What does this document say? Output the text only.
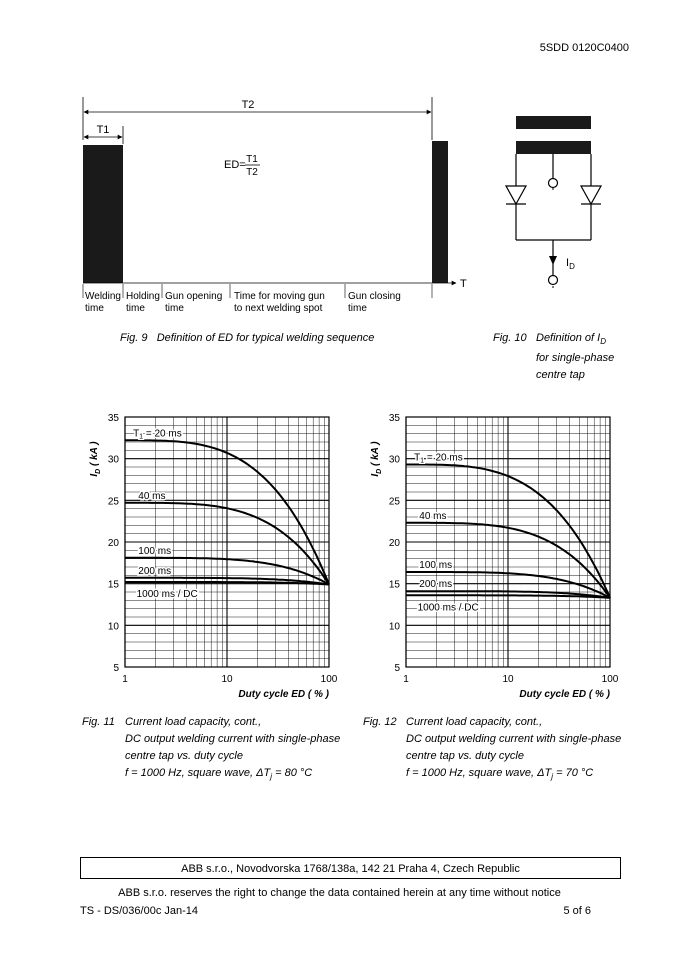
5SDD 0120C0400
T2
T1
T
ED= T1
T2
Welding
time
Holding
time
Gun opening
time
Time for moving gun
to next welding spot
Gun closing
time
$I_D$
Fig. 9 Definition of ED for typical welding sequence	Fig. 10 Definition of $I_D$
for single-phase
centre tap
5
10
15
20
25
30
35
1	10	100
$I_D$ ( kA )
Duty cycle ED ( % )
$T_1 = 20$ ms
40 ms
100 ms
200 ms
1000 ms / DC
5
10
15
20
25
30
35
1	10	100
$I_D$ ( kA )
Duty cycle ED ( % )
$T_1 = 20$ ms
40 ms
100 ms
200 ms
1000 ms / DC
Fig. 11 Current load capacity, cont.,
DC output welding current with single-phase
centre tap vs. duty cycle
f = 1000 Hz, square wave, $\Delta T_j = 80$ °C
Fig. 12 Current load capacity, cont.,
DC output welding current with single-phase
centre tap vs. duty cycle
f = 1000 Hz, square wave, $\Delta T_j = 70$ °C
ABB s.r.o., Novodvorska 1768/138a, 142 21 Praha 4, Czech Republic
ABB s.r.o. reserves the right to change the data contained herein at any time without notice
TS - DS/036/00c Jan-14	5 of 6
